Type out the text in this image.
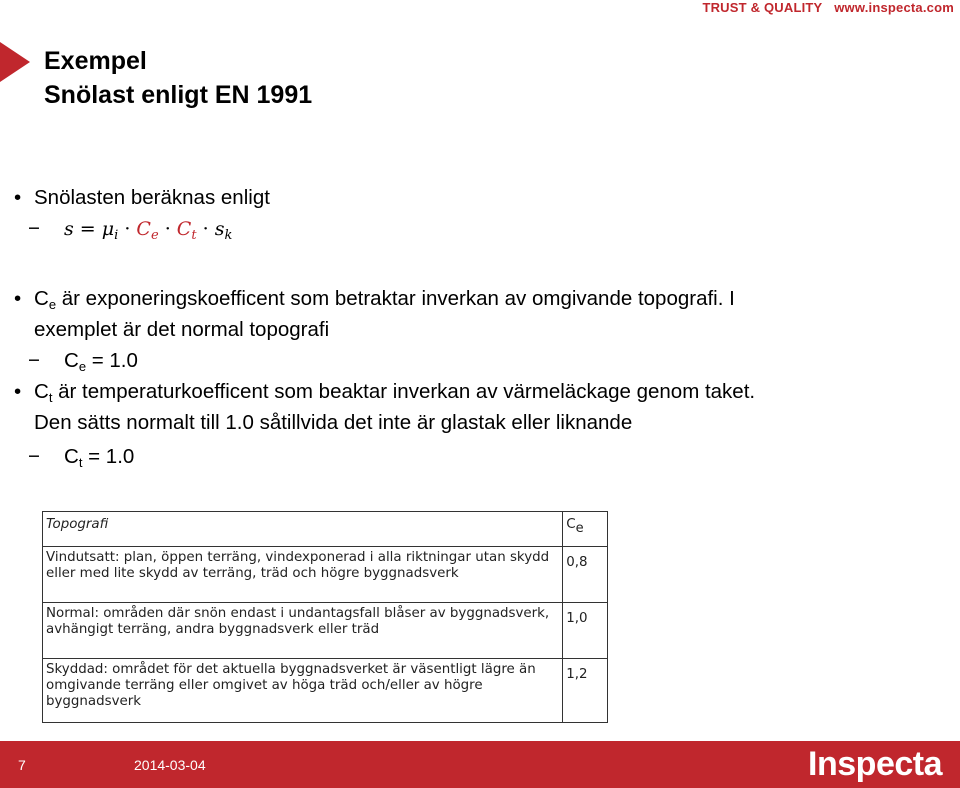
TRUST & QUALITY www.inspecta.com
Exempel
Snölast enligt EN 1991
• Snölasten beräknas enligt
− $s = \mu_i \cdot C_e \cdot C_t \cdot s_k$
• $C_e$ är exponeringskoefficent som betraktar inverkan av omgivande topografi. I
exemplet är det normal topografi
− $C_e = 1.0$
• $C_t$ är temperaturkoefficent som beaktar inverkan av värmeläckage genom taket.
Den sätts normalt till 1.0 såtillvida det inte är glastak eller liknande
− $C_t = 1.0$
Topografi	$C_e$
Vindutsatt: plan, öppen terräng, vindexponerad i alla riktningar utan skydd eller med lite skydd av terräng, träd och högre byggnadsverk	0,8
Normal: områden där snön endast i undantagsfall blåser av byggnadsverk, avhängigt terräng, andra byggnadsverk eller träd	1,0
Skyddad: området för det aktuella byggnadsverket är väsentligt lägre än omgivande terräng eller omgivet av höga träd och/eller av högre byggnadsverk	1,2
7	2014-03-04	Inspecta
